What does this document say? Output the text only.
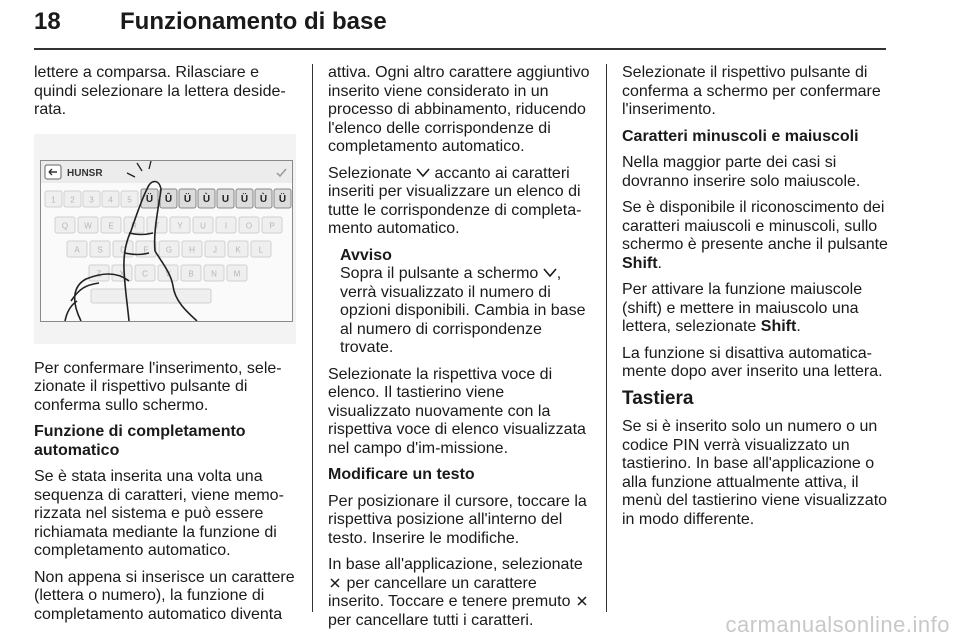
18 Funzionamento di base

lettere a comparsa. Rilasciare e quindi selezionare la lettera deside-rata.

HUNSR
1 2 3 4 5 Ü Û Ü Ù U Ü Ù Ü
Q W E R T Y U I O P
A S D F G H J K L
Z X C V B N M

Per confermare l'inserimento, sele-zionate il rispettivo pulsante di conferma sullo schermo.

Funzione di completamento automatico

Se è stata inserita una volta una sequenza di caratteri, viene memo-rizzata nel sistema e può essere richiamata mediante la funzione di completamento automatico.

Non appena si inserisce un carattere (lettera o numero), la funzione di completamento automatico diventa

attiva. Ogni altro carattere aggiuntivo inserito viene considerato in un processo di abbinamento, riducendo l'elenco delle corrispondenze di completamento automatico.

Selezionate accanto ai caratteri inseriti per visualizzare un elenco di tutte le corrispondenze di completa-mento automatico.

Avviso
Sopra il pulsante a schermo , verrà visualizzato il numero di opzioni disponibili. Cambia in base al numero di corrispondenze trovate.

Selezionate la rispettiva voce di elenco. Il tastierino viene visualizzato nuovamente con la rispettiva voce di elenco visualizzata nel campo d'im-missione.

Modificare un testo

Per posizionare il cursore, toccare la rispettiva posizione all'interno del testo. Inserire le modifiche.

In base all'applicazione, selezionate  per cancellare un carattere inserito. Toccare e tenere premuto  per cancellare tutti i caratteri.

Selezionate il rispettivo pulsante di conferma a schermo per confermare l'inserimento.

Caratteri minuscoli e maiuscoli

Nella maggior parte dei casi si dovranno inserire solo maiuscole.

Se è disponibile il riconoscimento dei caratteri maiuscoli e minuscoli, sullo schermo è presente anche il pulsante Shift.

Per attivare la funzione maiuscole (shift) e mettere in maiuscolo una lettera, selezionate Shift.

La funzione si disattiva automatica-mente dopo aver inserito una lettera.

Tastiera

Se si è inserito solo un numero o un codice PIN verrà visualizzato un tastierino. In base all'applicazione o alla funzione attualmente attiva, il menù del tastierino viene visualizzato in modo differente.

carmanualsonline.info
